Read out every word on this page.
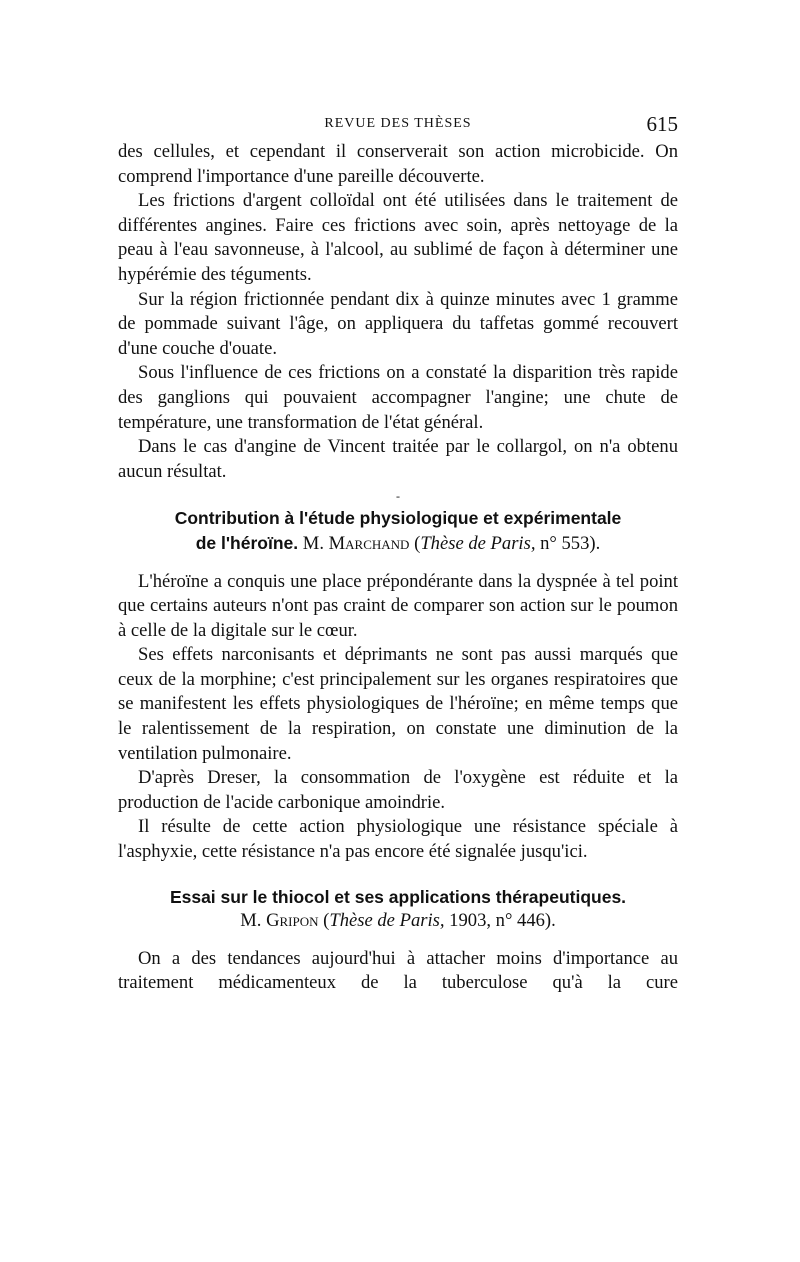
REVUE DES THÈSES	615

des cellules, et cependant il conserverait son action microbicide. On comprend l'importance d'une pareille découverte.

Les frictions d'argent colloïdal ont été utilisées dans le traitement de différentes angines. Faire ces frictions avec soin, après nettoyage de la peau à l'eau savonneuse, à l'alcool, au sublimé de façon à déterminer une hypérémie des téguments.

Sur la région frictionnée pendant dix à quinze minutes avec 1 gramme de pommade suivant l'âge, on appliquera du taffetas gommé recouvert d'une couche d'ouate.

Sous l'influence de ces frictions on a constaté la disparition très rapide des ganglions qui pouvaient accompagner l'angine; une chute de température, une transformation de l'état général.

Dans le cas d'angine de Vincent traitée par le collargol, on n'a obtenu aucun résultat.

-

Contribution à l'étude physiologique et expérimentale

de l'héroïne. M. Marchand (Thèse de Paris, n° 553).

L'héroïne a conquis une place prépondérante dans la dyspnée à tel point que certains auteurs n'ont pas craint de comparer son action sur le poumon à celle de la digitale sur le cœur.

Ses effets narconisants et déprimants ne sont pas aussi marqués que ceux de la morphine; c'est principalement sur les organes respiratoires que se manifestent les effets physiologiques de l'héroïne; en même temps que le ralentissement de la respiration, on constate une diminution de la ventilation pulmonaire.

D'après Dreser, la consommation de l'oxygène est réduite et la production de l'acide carbonique amoindrie.

Il résulte de cette action physiologique une résistance spéciale à l'asphyxie, cette résistance n'a pas encore été signalée jusqu'ici.

Essai sur le thiocol et ses applications thérapeutiques.

M. Gripon (Thèse de Paris, 1903, n° 446).

On a des tendances aujourd'hui à attacher moins d'importance au traitement médicamenteux de la tuberculose qu'à la cure
